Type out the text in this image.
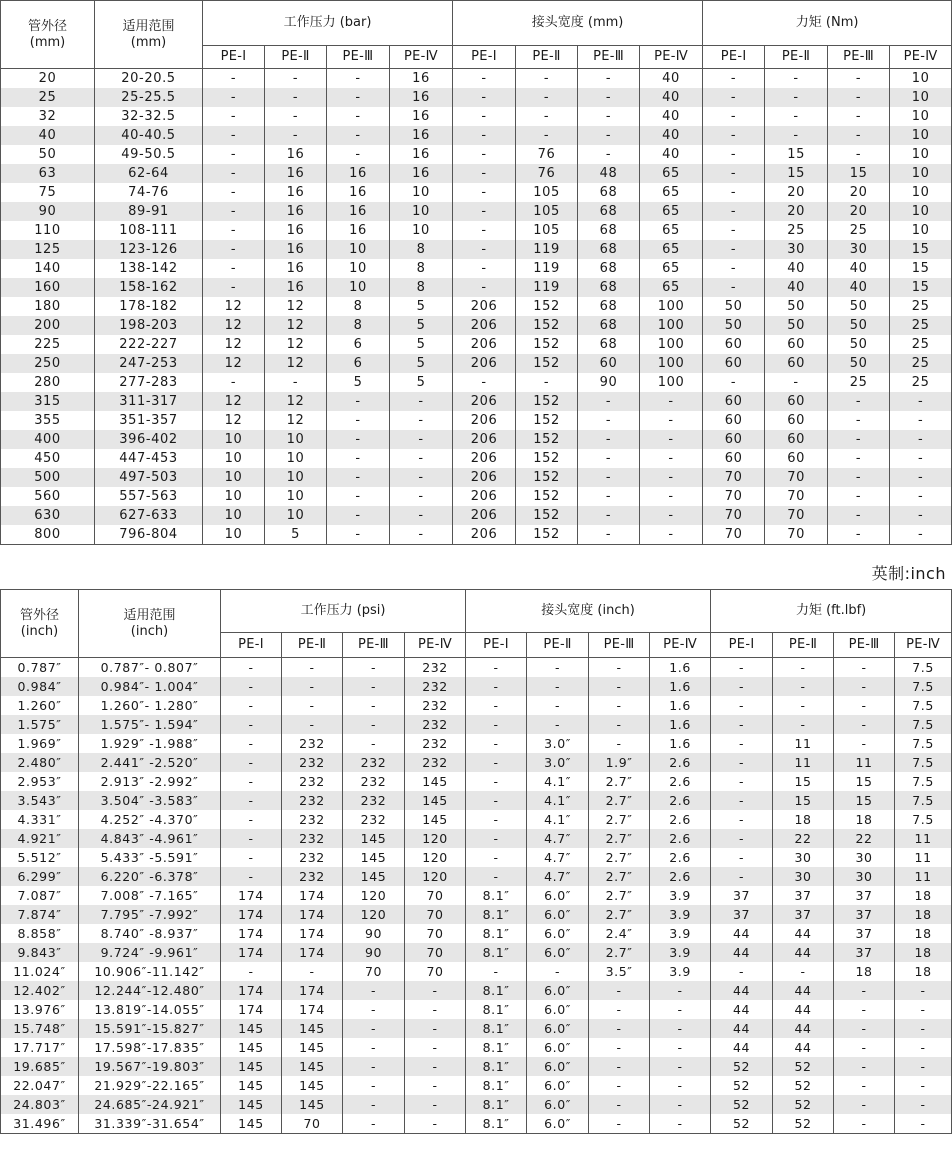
管外径
(mm)	适用范围
(mm)	工作压力 (bar)				接头宽度 (mm)				力矩 (Nm)			
		PE-Ⅰ	PE-Ⅱ	PE-Ⅲ	PE-Ⅳ	PE-Ⅰ	PE-Ⅱ	PE-Ⅲ	PE-Ⅳ	PE-Ⅰ	PE-Ⅱ	PE-Ⅲ	PE-Ⅳ
20	20-20.5	-	-	-	16	-	-	-	40	-	-	-	10
25	25-25.5	-	-	-	16	-	-	-	40	-	-	-	10
32	32-32.5	-	-	-	16	-	-	-	40	-	-	-	10
40	40-40.5	-	-	-	16	-	-	-	40	-	-	-	10
50	49-50.5	-	16	-	16	-	76	-	40	-	15	-	10
63	62-64	-	16	16	16	-	76	48	65	-	15	15	10
75	74-76	-	16	16	10	-	105	68	65	-	20	20	10
90	89-91	-	16	16	10	-	105	68	65	-	20	20	10
110	108-111	-	16	16	10	-	105	68	65	-	25	25	10
125	123-126	-	16	10	8	-	119	68	65	-	30	30	15
140	138-142	-	16	10	8	-	119	68	65	-	40	40	15
160	158-162	-	16	10	8	-	119	68	65	-	40	40	15
180	178-182	12	12	8	5	206	152	68	100	50	50	50	25
200	198-203	12	12	8	5	206	152	68	100	50	50	50	25
225	222-227	12	12	6	5	206	152	68	100	60	60	50	25
250	247-253	12	12	6	5	206	152	60	100	60	60	50	25
280	277-283	-	-	5	5	-	-	90	100	-	-	25	25
315	311-317	12	12	-	-	206	152	-	-	60	60	-	-
355	351-357	12	12	-	-	206	152	-	-	60	60	-	-
400	396-402	10	10	-	-	206	152	-	-	60	60	-	-
450	447-453	10	10	-	-	206	152	-	-	60	60	-	-
500	497-503	10	10	-	-	206	152	-	-	70	70	-	-
560	557-563	10	10	-	-	206	152	-	-	70	70	-	-
630	627-633	10	10	-	-	206	152	-	-	70	70	-	-
800	796-804	10	5	-	-	206	152	-	-	70	70	-	-
英制:inch
管外径
(inch)	适用范围
(inch)	工作压力 (psi)				接头宽度 (inch)				力矩 (ft.lbf)			
		PE-Ⅰ	PE-Ⅱ	PE-Ⅲ	PE-Ⅳ	PE-Ⅰ	PE-Ⅱ	PE-Ⅲ	PE-Ⅳ	PE-Ⅰ	PE-Ⅱ	PE-Ⅲ	PE-Ⅳ
0.787″	0.787″- 0.807″	-	-	-	232	-	-	-	1.6	-	-	-	7.5
0.984″	0.984″- 1.004″	-	-	-	232	-	-	-	1.6	-	-	-	7.5
1.260″	1.260″- 1.280″	-	-	-	232	-	-	-	1.6	-	-	-	7.5
1.575″	1.575″- 1.594″	-	-	-	232	-	-	-	1.6	-	-	-	7.5
1.969″	1.929″ -1.988″	-	232	-	232	-	3.0″	-	1.6	-	11	-	7.5
2.480″	2.441″ -2.520″	-	232	232	232	-	3.0″	1.9″	2.6	-	11	11	7.5
2.953″	2.913″ -2.992″	-	232	232	145	-	4.1″	2.7″	2.6	-	15	15	7.5
3.543″	3.504″ -3.583″	-	232	232	145	-	4.1″	2.7″	2.6	-	15	15	7.5
4.331″	4.252″ -4.370″	-	232	232	145	-	4.1″	2.7″	2.6	-	18	18	7.5
4.921″	4.843″ -4.961″	-	232	145	120	-	4.7″	2.7″	2.6	-	22	22	11
5.512″	5.433″ -5.591″	-	232	145	120	-	4.7″	2.7″	2.6	-	30	30	11
6.299″	6.220″ -6.378″	-	232	145	120	-	4.7″	2.7″	2.6	-	30	30	11
7.087″	7.008″ -7.165″	174	174	120	70	8.1″	6.0″	2.7″	3.9	37	37	37	18
7.874″	7.795″ -7.992″	174	174	120	70	8.1″	6.0″	2.7″	3.9	37	37	37	18
8.858″	8.740″ -8.937″	174	174	90	70	8.1″	6.0″	2.4″	3.9	44	44	37	18
9.843″	9.724″ -9.961″	174	174	90	70	8.1″	6.0″	2.7″	3.9	44	44	37	18
11.024″	10.906″-11.142″	-	-	70	70	-	-	3.5″	3.9	-	-	18	18
12.402″	12.244″-12.480″	174	174	-	-	8.1″	6.0″	-	-	44	44	-	-
13.976″	13.819″-14.055″	174	174	-	-	8.1″	6.0″	-	-	44	44	-	-
15.748″	15.591″-15.827″	145	145	-	-	8.1″	6.0″	-	-	44	44	-	-
17.717″	17.598″-17.835″	145	145	-	-	8.1″	6.0″	-	-	44	44	-	-
19.685″	19.567″-19.803″	145	145	-	-	8.1″	6.0″	-	-	52	52	-	-
22.047″	21.929″-22.165″	145	145	-	-	8.1″	6.0″	-	-	52	52	-	-
24.803″	24.685″-24.921″	145	145	-	-	8.1″	6.0″	-	-	52	52	-	-
31.496″	31.339″-31.654″	145	70	-	-	8.1″	6.0″	-	-	52	52	-	-
